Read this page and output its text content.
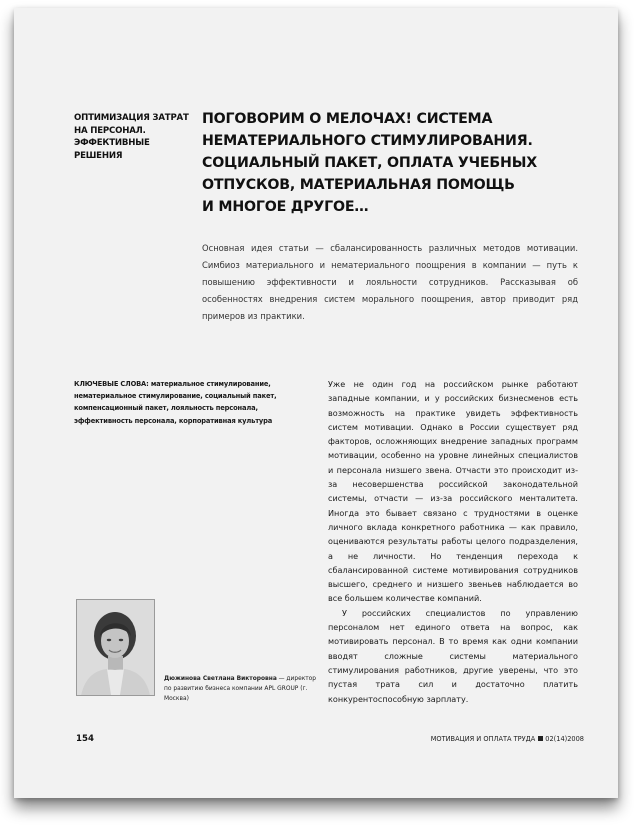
ОПТИМИЗАЦИЯ ЗАТРАТ
НА ПЕРСОНАЛ.
ЭФФЕКТИВНЫЕ РЕШЕНИЯ
ПОГОВОРИМ О МЕЛОЧАХ! СИСТЕМА
НЕМАТЕРИАЛЬНОГО СТИМУЛИРОВАНИЯ.
СОЦИАЛЬНЫЙ ПАКЕТ, ОПЛАТА УЧЕБНЫХ
ОТПУСКОВ, МАТЕРИАЛЬНАЯ ПОМОЩЬ
И МНОГОЕ ДРУГОЕ…
Основная идея статьи — сбалансированность различных методов мотивации. Симбиоз материального и нематериального поощрения в компании — путь к повышению эффективности и лояльности сотрудников. Рассказывая об особенностях внедрения систем морального поощрения, автор приводит ряд примеров из практики.
КЛЮЧЕВЫЕ СЛОВА: материальное стимулирование, нематериальное стимулирование, социальный пакет, компенсационный пакет, лояльность персонала, эффективность персонала, корпоративная культура

Уже не один год на российском рынке работают западные компании, и у российских бизнесменов есть возможность на практике увидеть эффективность систем мотивации. Однако в России существует ряд факторов, осложняющих внедрение западных программ мотивации, особенно на уровне линейных специалистов и персонала низшего звена. Отчасти это происходит из-за несовершенства российской законодательной системы, отчасти — из-за российского менталитета. Иногда это бывает связано с трудностями в оценке личного вклада конкретного работника — как правило, оцениваются результаты работы целого подразделения, а не личности. Но тенденция перехода к сбалансированной системе мотивирования сотрудников высшего, среднего и низшего звеньев наблюдается во все большем количестве компаний.

У российских специалистов по управлению персоналом нет единого ответа на вопрос, как мотивировать персонал. В то время как одни компании вводят сложные системы материального стимулирования работников, другие уверены, что это пустая трата сил и достаточно платить конкурентоспособную зарплату.

Дюжинова Светлана Викторовна — директор по развитию бизнеса компании APL GROUP (г. Москва)
154	МОТИВАЦИЯ И ОПЛАТА ТРУДА 02(14)2008
